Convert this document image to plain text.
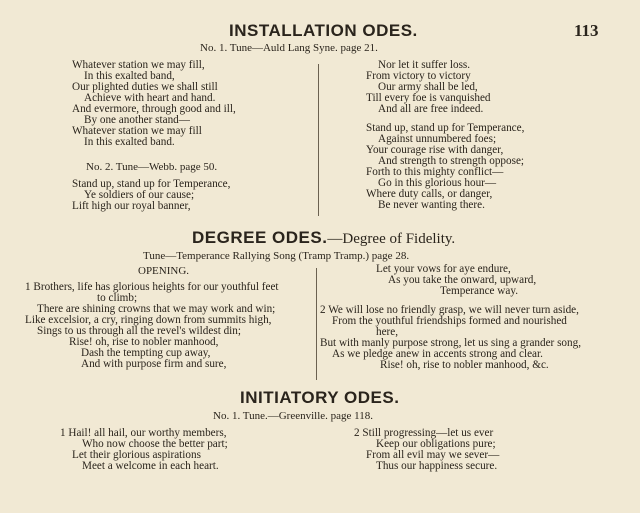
INSTALLATION ODES.	113
No. 1. Tune—Auld Lang Syne. page 21.
Whatever station we may fill,
In this exalted band,
Our plighted duties we shall still
Achieve with heart and hand.
And evermore, through good and ill,
By one another stand—
Whatever station we may fill
In this exalted band.
No. 2. Tune—Webb. page 50.
Stand up, stand up for Temperance,
Ye soldiers of our cause;
Lift high our royal banner,
Nor let it suffer loss.
From victory to victory
Our army shall be led,
Till every foe is vanquished
And all are free indeed.
Stand up, stand up for Temperance,
Against unnumbered foes;
Your courage rise with danger,
And strength to strength oppose;
Forth to this mighty conflict—
Go in this glorious hour—
Where duty calls, or danger,
Be never wanting there.
DEGREE ODES.—Degree of Fidelity.
Tune—Temperance Rallying Song (Tramp Tramp.) page 28.
OPENING.
1 Brothers, life has glorious heights for our youthful feet
to climb;
There are shining crowns that we may work and win;
Like excelsior, a cry, ringing down from summits high,
Sings to us through all the revel's wildest din;
Rise! oh, rise to nobler manhood,
Dash the tempting cup away,
And with purpose firm and sure,
Let your vows for aye endure,
As you take the onward, upward,
Temperance way.
2 We will lose no friendly grasp, we will never turn aside,
From the youthful friendships formed and nourished
here,
But with manly purpose strong, let us sing a grander song,
As we pledge anew in accents strong and clear.
Rise! oh, rise to nobler manhood, &c.
INITIATORY ODES.
No. 1. Tune.—Greenville. page 118.
1 Hail! all hail, our worthy members,
Who now choose the better part;
Let their glorious aspirations
Meet a welcome in each heart.
2 Still progressing—let us ever
Keep our obligations pure;
From all evil may we sever—
Thus our happiness secure.
